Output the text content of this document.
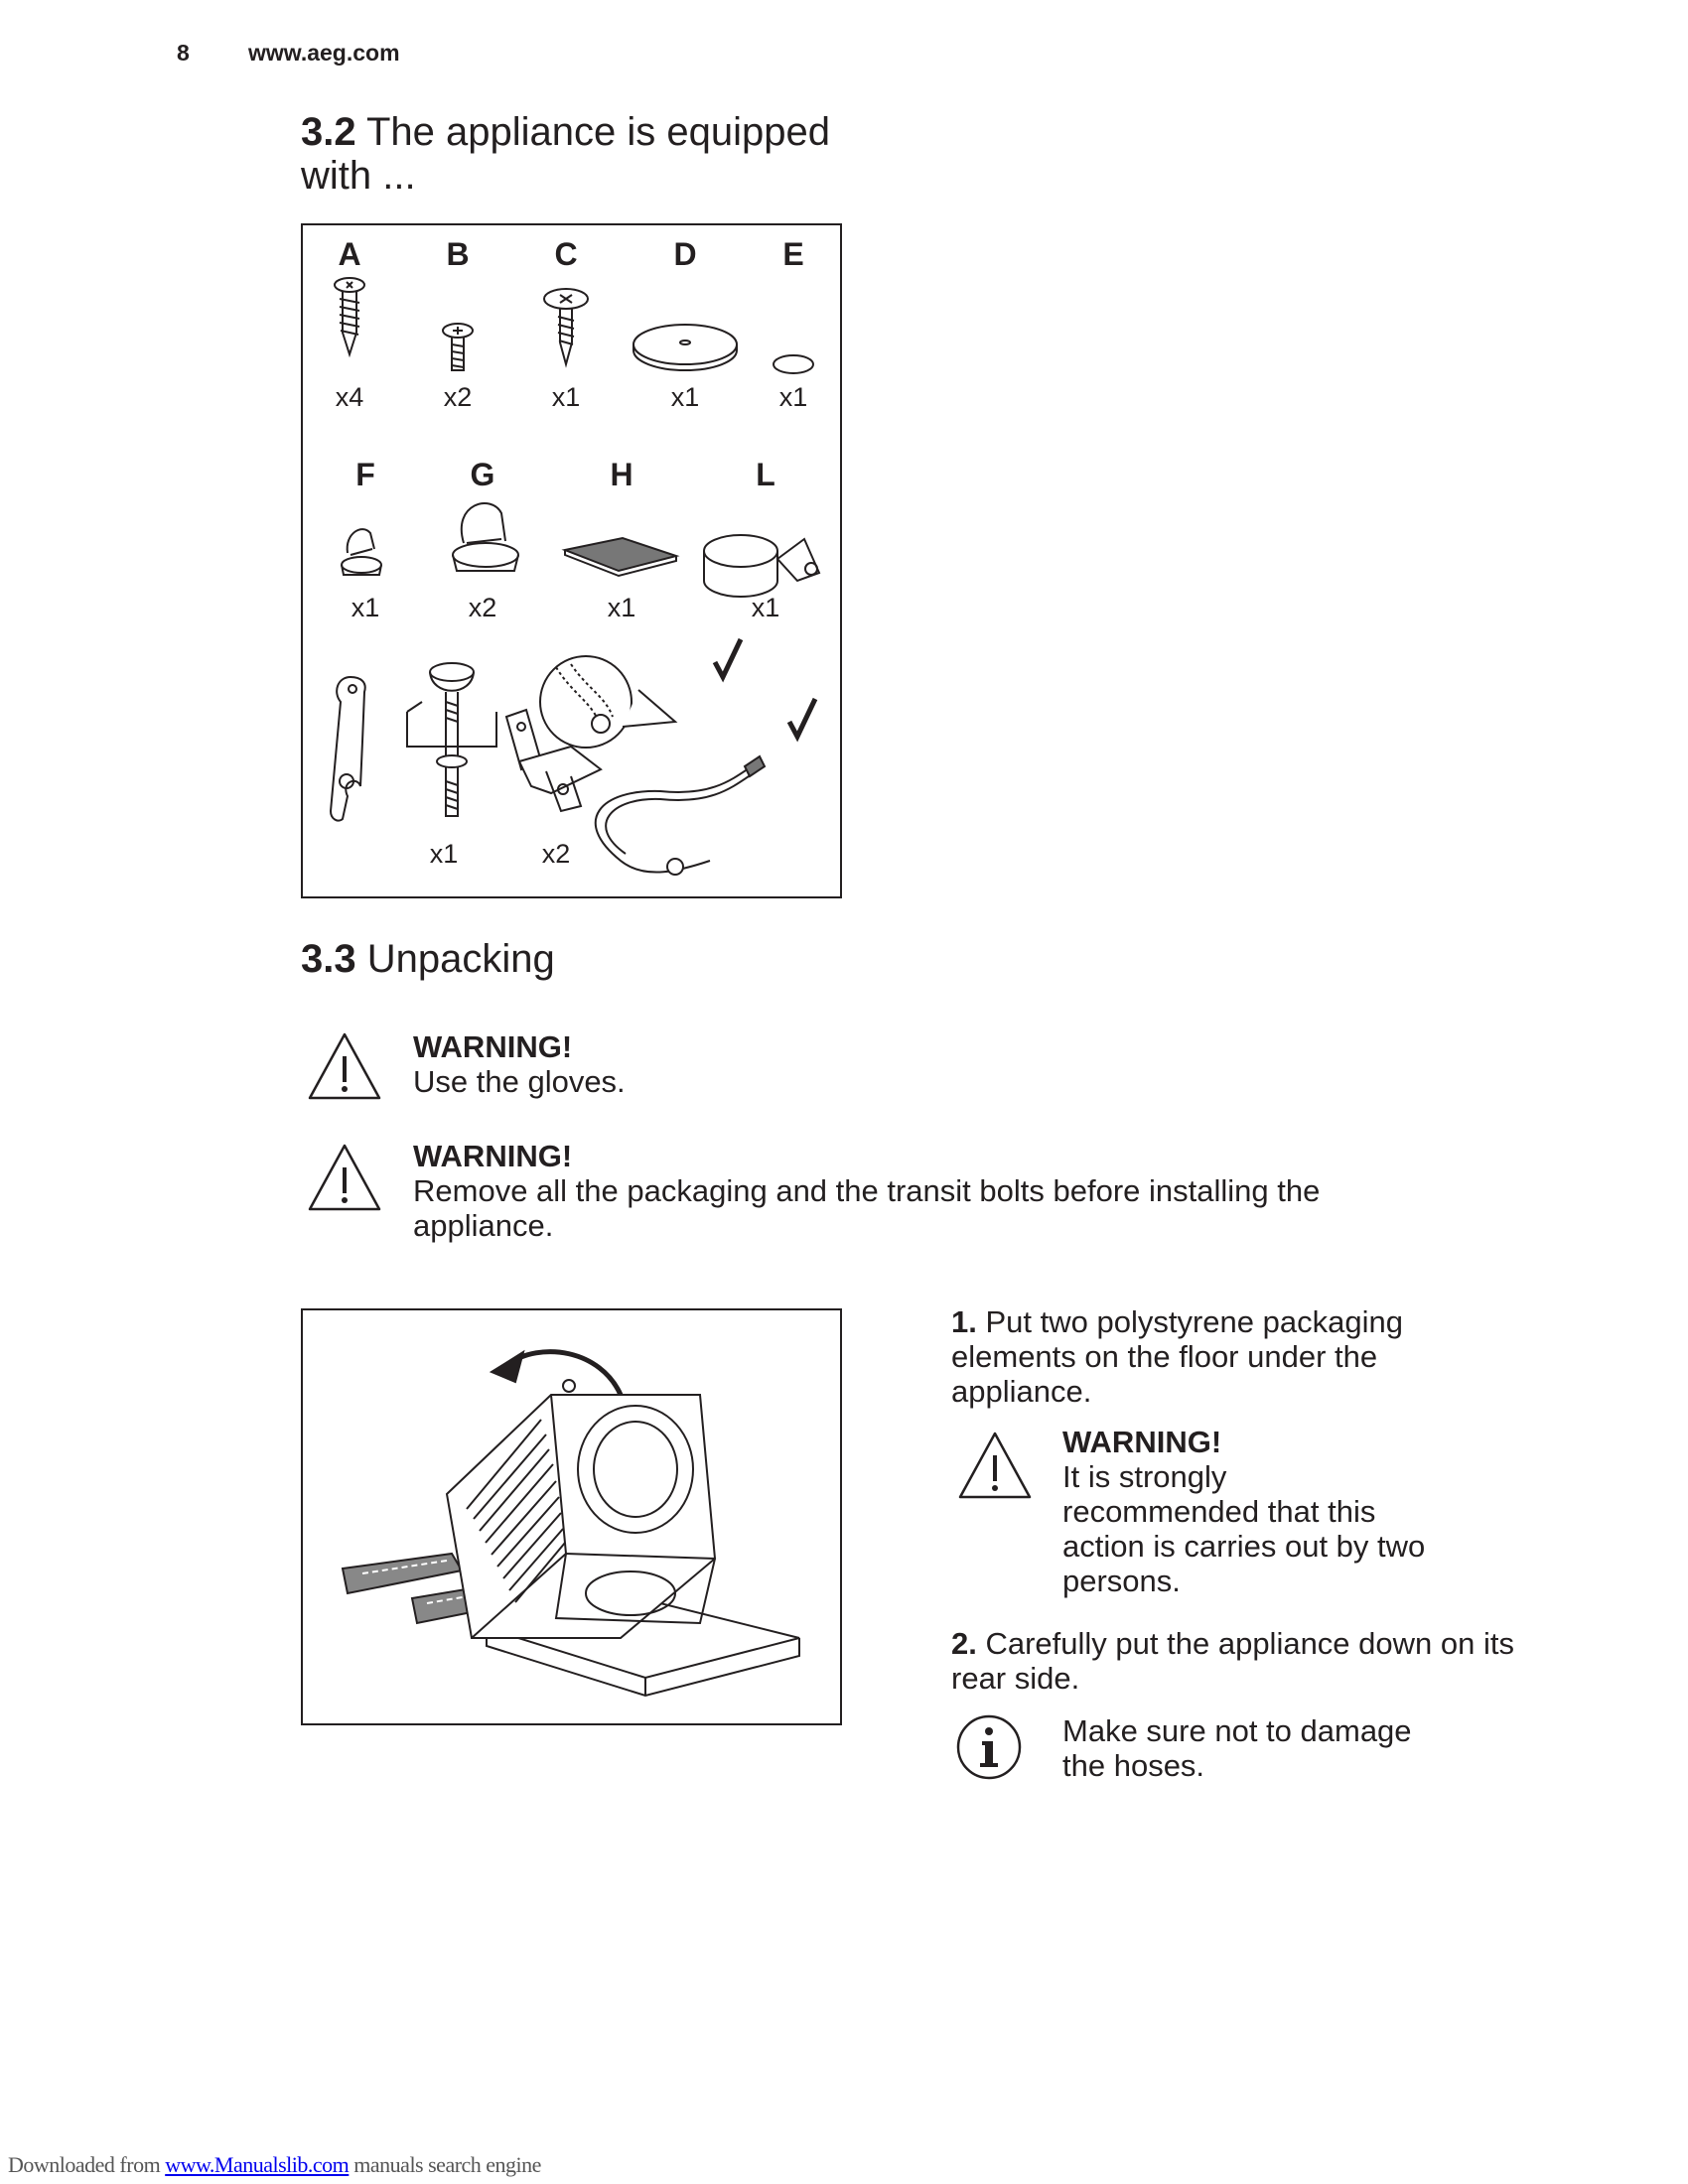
8	www.aeg.com
3.2 The appliance is equipped
with ...
A	B	C	D	E
x4	x2	x1	x1	x1
F	G	H	L
x1	x2	x1	x1
x1	x2
3.3 Unpacking
WARNING!
Use the gloves.
WARNING!
Remove all the packaging and the transit bolts before installing the
appliance.
1. Put two polystyrene packaging
elements on the floor under the
appliance.
WARNING!
It is strongly
recommended that this
action is carries out by two
persons.
2. Carefully put the appliance down on its
rear side.
Make sure not to damage
the hoses.
Downloaded from www.Manualslib.com manuals search engine
